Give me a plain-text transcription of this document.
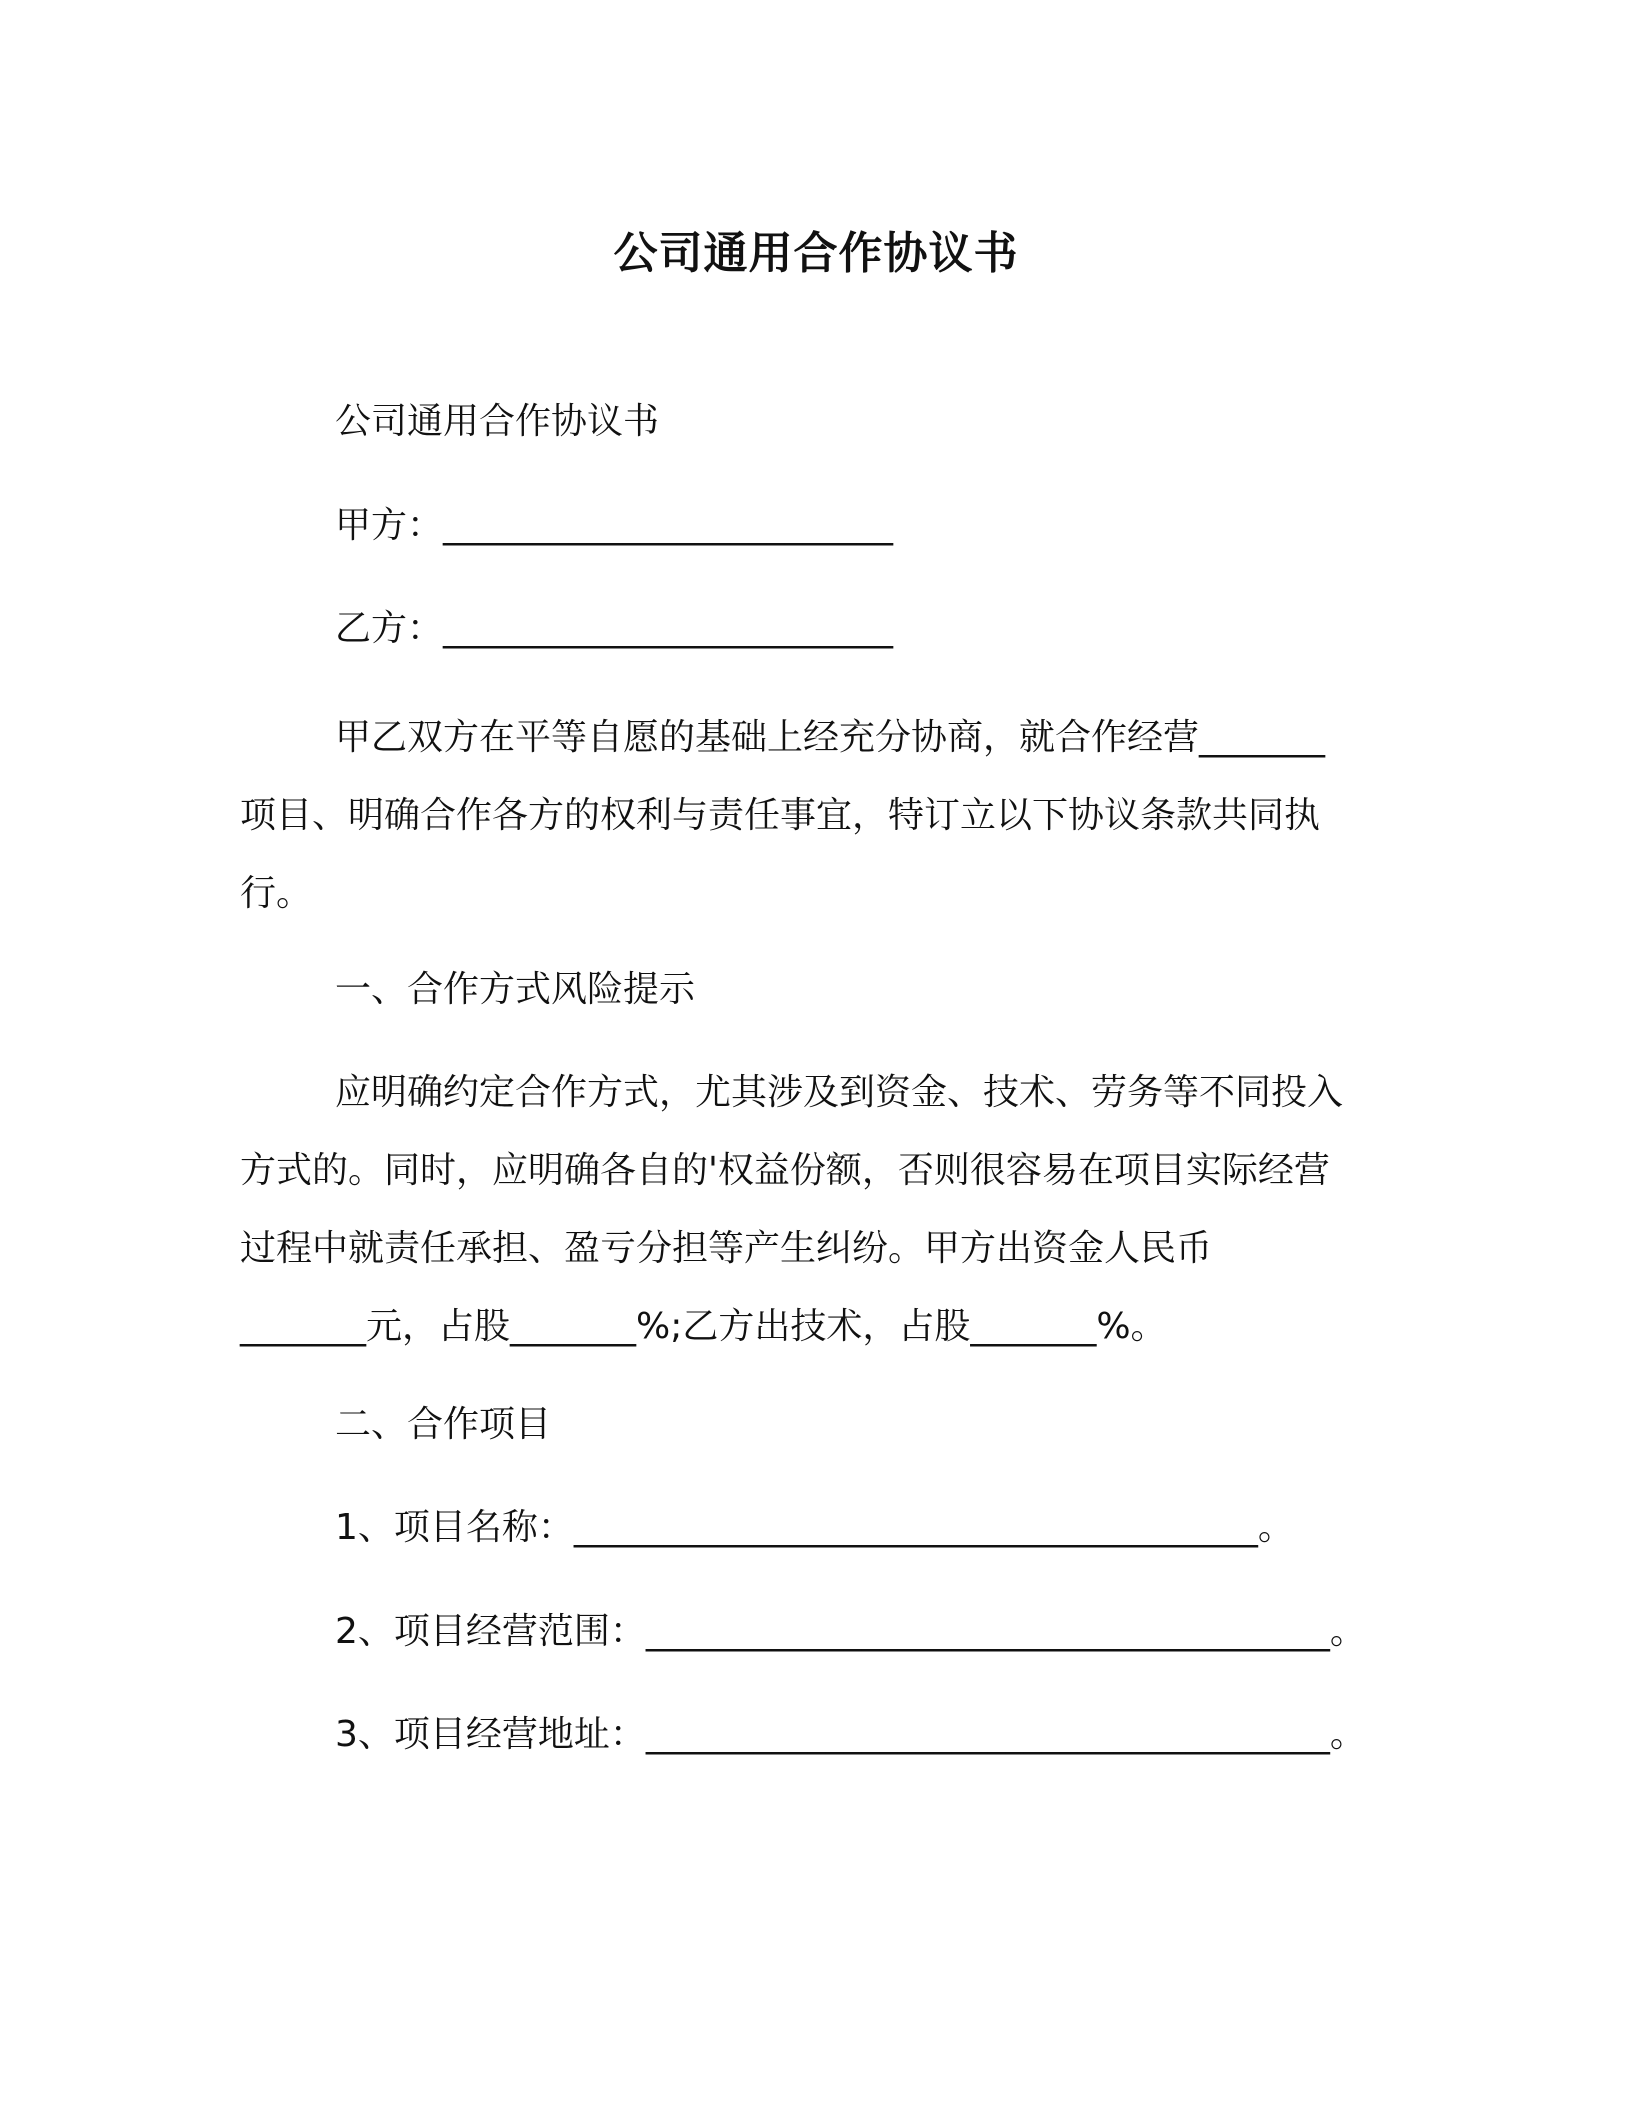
公司通用合作协议书
公司通用合作协议书
甲方：_________________________
乙方：_________________________
甲乙双方在平等自愿的基础上经充分协商，就合作经营_______
项目、明确合作各方的权利与责任事宜，特订立以下协议条款共同执
行。
一、合作方式风险提示
应明确约定合作方式，尤其涉及到资金、技术、劳务等不同投入
方式的。同时，应明确各自的'权益份额，否则很容易在项目实际经营
过程中就责任承担、盈亏分担等产生纠纷。甲方出资金人民币
_______元，占股_______%;乙方出技术，占股_______%。
二、合作项目
1、项目名称：______________________________________。
2、项目经营范围：______________________________________。
3、项目经营地址：______________________________________。
